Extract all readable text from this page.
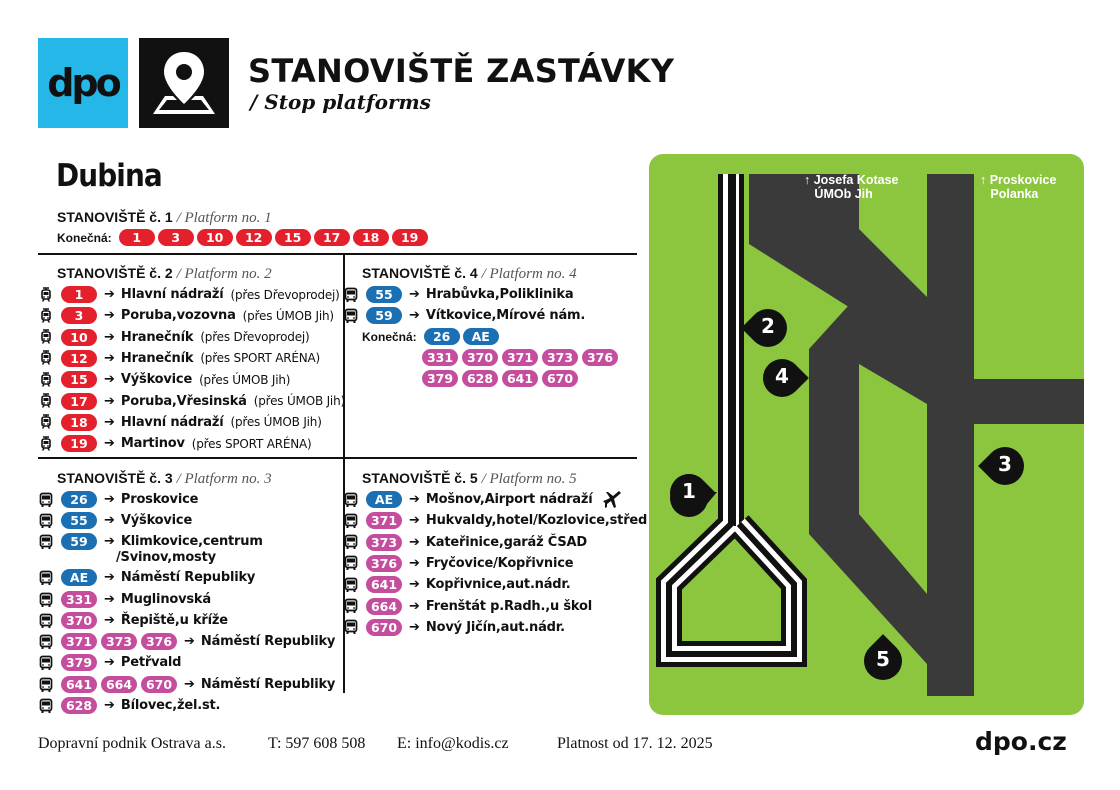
dpo	STANOVIŠTĚ ZASTÁVKY
/ Stop platforms
Dubina
STANOVIŠTĚ č. 1 / Platform no. 1
Konečná:	1	3	10	12	15	17	18	19
STANOVIŠTĚ č. 2 / Platform no. 2
1	➔ Hlavní nádraží (přes Dřevoprodej)
3	➔ Poruba,vozovna (přes ÚMOB Jih)
10	➔ Hranečník (přes Dřevoprodej)
12	➔ Hranečník (přes SPORT ARÉNA)
15	➔ Výškovice (přes ÚMOB Jih)
17	➔ Poruba,Vřesinská (přes ÚMOB Jih)
18	➔ Hlavní nádraží (přes ÚMOB Jih)
19	➔ Martinov (přes SPORT ARÉNA)
STANOVIŠTĚ č. 4 / Platform no. 4
55	➔ Hrabůvka,Poliklinika
59	➔ Vítkovice,Mírové nám.
Konečná:	26	AE
331	370	371	373	376
379	628	641	670
STANOVIŠTĚ č. 3 / Platform no. 3
26	➔ Proskovice
55	➔ Výškovice
59	➔ Klimkovice,centrum
/Svinov,mosty
AE	➔ Náměstí Republiky
331 ➔ Muglinovská
370 ➔ Řepiště,u kříže
371	373	376 ➔ Náměstí Republiky
379 ➔ Petřvald
641	664	670 ➔ Náměstí Republiky
628 ➔ Bílovec,žel.st.
STANOVIŠTĚ č. 5 / Platform no. 5
AE	➔ Mošnov,Airport nádraží
371 ➔ Hukvaldy,hotel/Kozlovice,střed
373 ➔ Kateřinice,garáž ČSAD
376 ➔ Fryčovice/Kopřivnice
641 ➔ Kopřivnice,aut.nádr.
664 ➔ Frenštát p.Radh.,u škol
670 ➔ Nový Jičín,aut.nádr.
2
4
3
1
5
↑ Josefa Kotase
ÚMOb Jih
↑ Proskovice
Polanka
Dopravní podnik Ostrava a.s.	T: 597 608 508 E: info@kodis.cz	Platnost od 17. 12. 2025	dpo.cz
